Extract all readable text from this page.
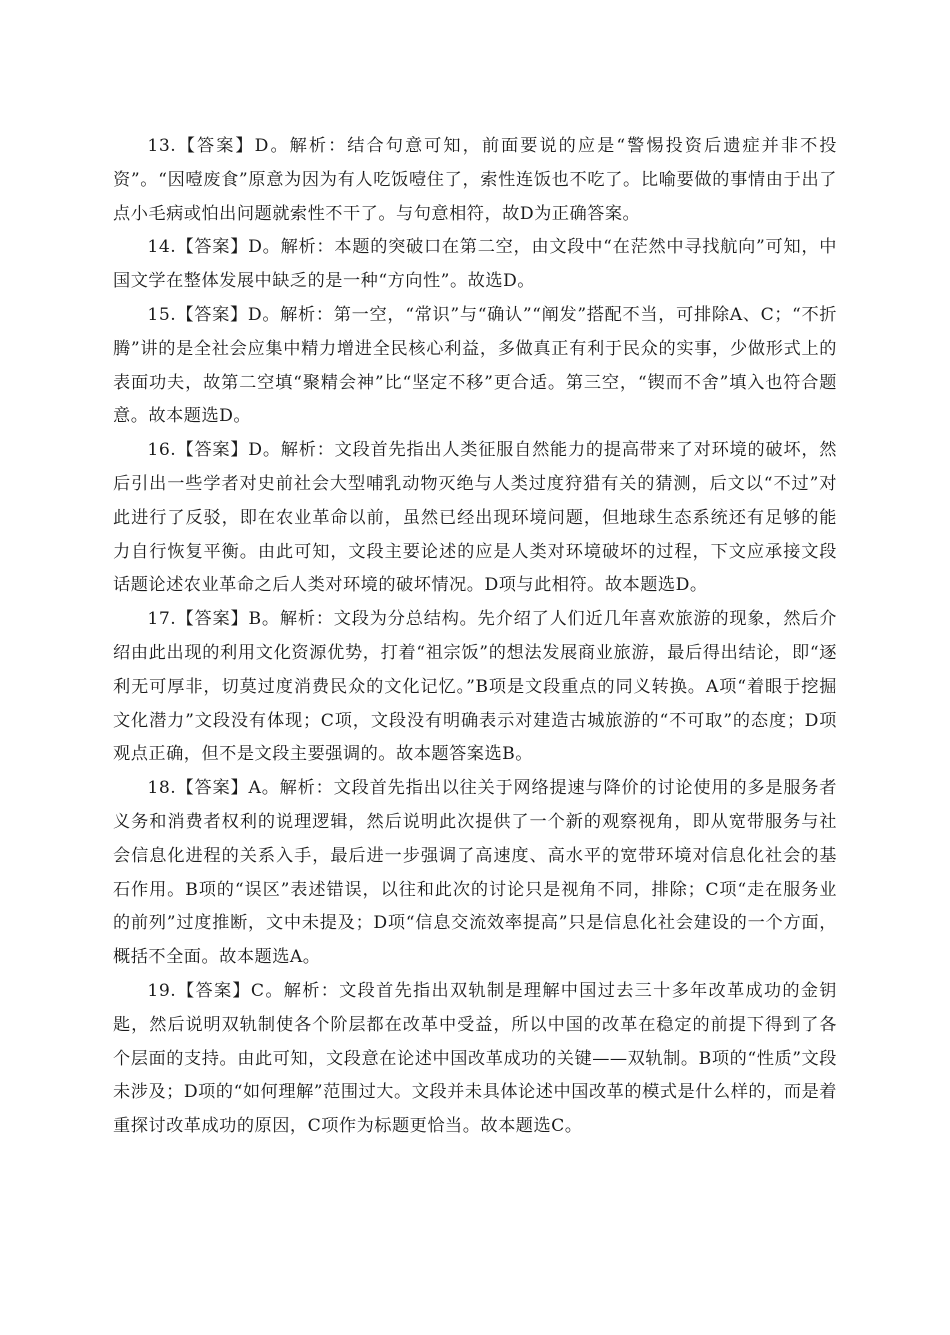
13.【答案】D。解析：结合句意可知，前面要说的应是“警惕投资后遗症并非不投资”。“因噎废食”原意为因为有人吃饭噎住了，索性连饭也不吃了。比喻要做的事情由于出了点小毛病或怕出问题就索性不干了。与句意相符，故D为正确答案。

14.【答案】D。解析：本题的突破口在第二空，由文段中“在茫然中寻找航向”可知，中国文学在整体发展中缺乏的是一种“方向性”。故选D。

15.【答案】D。解析：第一空，“常识”与“确认”“阐发”搭配不当，可排除A、C；“不折腾”讲的是全社会应集中精力增进全民核心利益，多做真正有利于民众的实事，少做形式上的表面功夫，故第二空填“聚精会神”比“坚定不移”更合适。第三空，“锲而不舍”填入也符合题意。故本题选D。

16.【答案】D。解析：文段首先指出人类征服自然能力的提高带来了对环境的破坏，然后引出一些学者对史前社会大型哺乳动物灭绝与人类过度狩猎有关的猜测，后文以“不过”对此进行了反驳，即在农业革命以前，虽然已经出现环境问题，但地球生态系统还有足够的能力自行恢复平衡。由此可知，文段主要论述的应是人类对环境破坏的过程，下文应承接文段话题论述农业革命之后人类对环境的破坏情况。D项与此相符。故本题选D。

17.【答案】B。解析：文段为分总结构。先介绍了人们近几年喜欢旅游的现象，然后介绍由此出现的利用文化资源优势，打着“祖宗饭”的想法发展商业旅游，最后得出结论，即“逐利无可厚非，切莫过度消费民众的文化记忆。”B项是文段重点的同义转换。A项“着眼于挖掘文化潜力”文段没有体现；C项，文段没有明确表示对建造古城旅游的“不可取”的态度；D项观点正确，但不是文段主要强调的。故本题答案选B。

18.【答案】A。解析：文段首先指出以往关于网络提速与降价的讨论使用的多是服务者义务和消费者权利的说理逻辑，然后说明此次提供了一个新的观察视角，即从宽带服务与社会信息化进程的关系入手，最后进一步强调了高速度、高水平的宽带环境对信息化社会的基石作用。B项的“误区”表述错误，以往和此次的讨论只是视角不同，排除；C项“走在服务业的前列”过度推断，文中未提及；D项“信息交流效率提高”只是信息化社会建设的一个方面，概括不全面。故本题选A。

19.【答案】C。解析：文段首先指出双轨制是理解中国过去三十多年改革成功的金钥匙，然后说明双轨制使各个阶层都在改革中受益，所以中国的改革在稳定的前提下得到了各个层面的支持。由此可知，文段意在论述中国改革成功的关键——双轨制。B项的“性质”文段未涉及；D项的“如何理解”范围过大。文段并未具体论述中国改革的模式是什么样的，而是着重探讨改革成功的原因，C项作为标题更恰当。故本题选C。
